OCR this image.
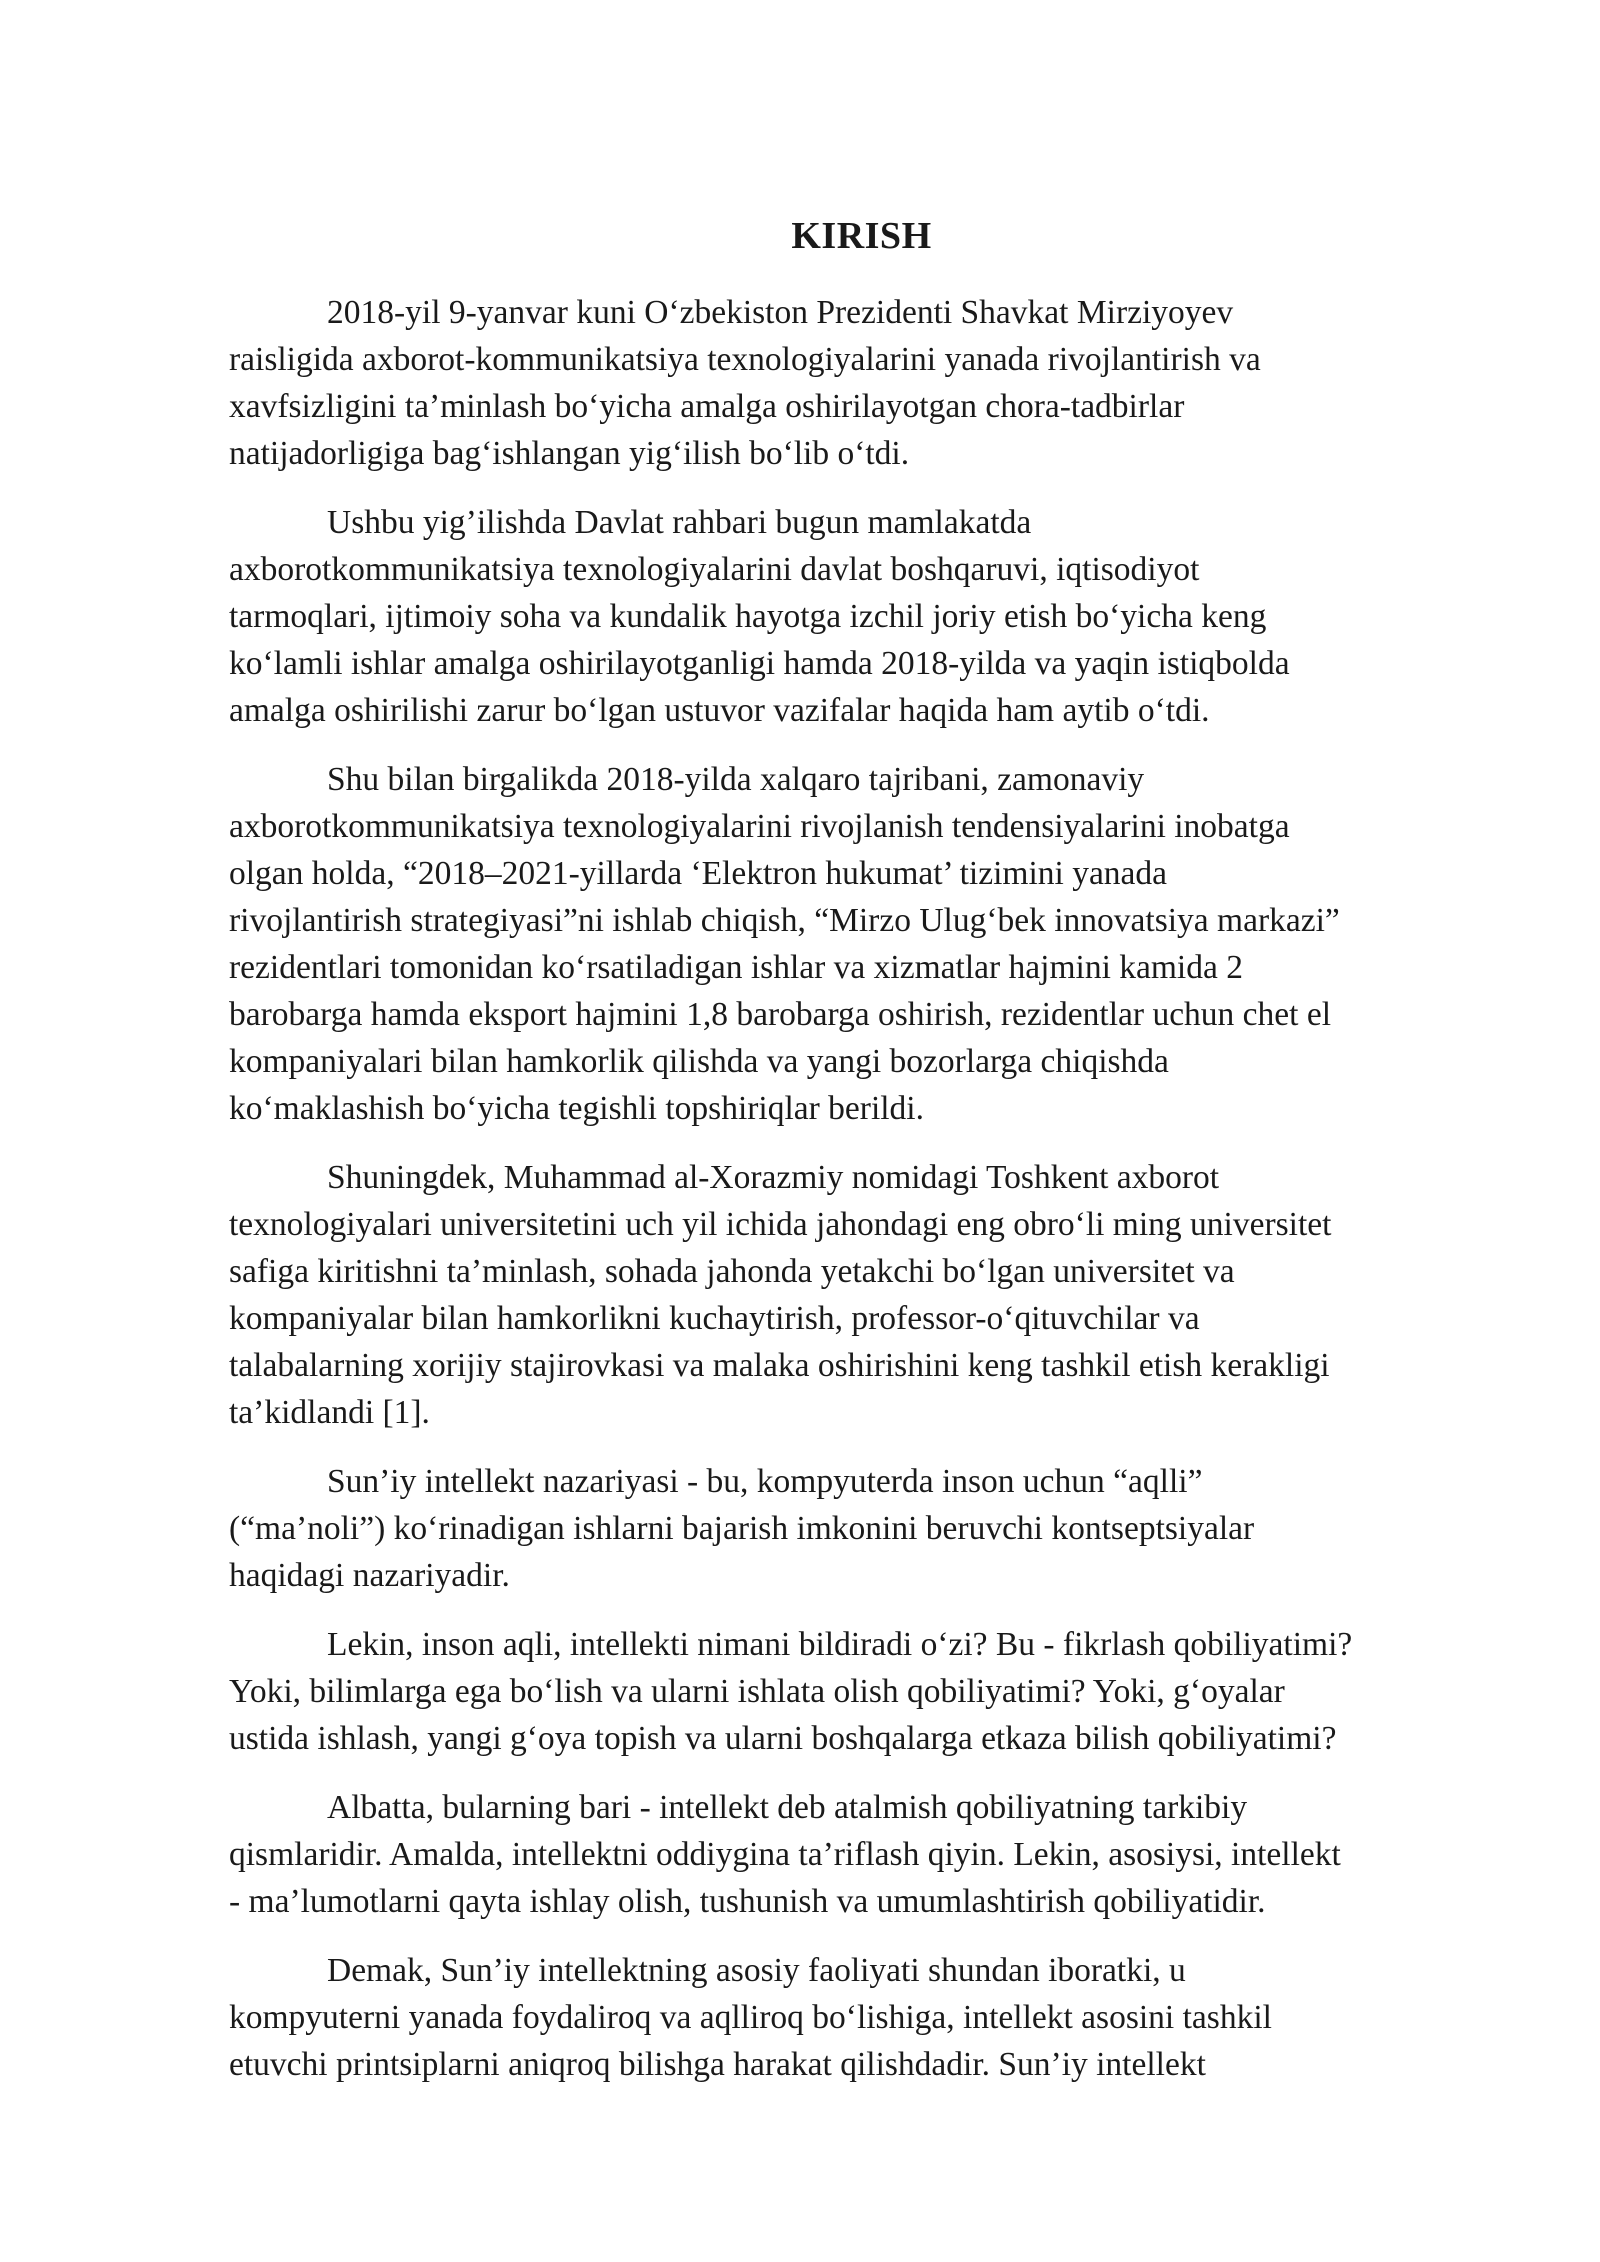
KIRISH

2018-yil 9-yanvar kuni O‘zbekiston Prezidenti Shavkat Mirziyoyev
raisligida axborot-kommunikatsiya texnologiyalarini yanada rivojlantirish va
xavfsizligini ta’minlash bo‘yicha amalga oshirilayotgan chora-tadbirlar
natijadorligiga bag‘ishlangan yig‘ilish bo‘lib o‘tdi.

Ushbu yig’ilishda Davlat rahbari bugun mamlakatda
axborotkommunikatsiya texnologiyalarini davlat boshqaruvi, iqtisodiyot
tarmoqlari, ijtimoiy soha va kundalik hayotga izchil joriy etish bo‘yicha keng
ko‘lamli ishlar amalga oshirilayotganligi hamda 2018-yilda va yaqin istiqbolda
amalga oshirilishi zarur bo‘lgan ustuvor vazifalar haqida ham aytib o‘tdi.

Shu bilan birgalikda 2018-yilda xalqaro tajribani, zamonaviy
axborotkommunikatsiya texnologiyalarini rivojlanish tendensiyalarini inobatga
olgan holda, “2018–2021-yillarda ‘Elektron hukumat’ tizimini yanada
rivojlantirish strategiyasi”ni ishlab chiqish, “Mirzo Ulug‘bek innovatsiya markazi”
rezidentlari tomonidan ko‘rsatiladigan ishlar va xizmatlar hajmini kamida 2
barobarga hamda eksport hajmini 1,8 barobarga oshirish, rezidentlar uchun chet el
kompaniyalari bilan hamkorlik qilishda va yangi bozorlarga chiqishda
ko‘maklashish bo‘yicha tegishli topshiriqlar berildi.

Shuningdek, Muhammad al-Xorazmiy nomidagi Toshkent axborot
texnologiyalari universitetini uch yil ichida jahondagi eng obro‘li ming universitet
safiga kiritishni ta’minlash, sohada jahonda yetakchi bo‘lgan universitet va
kompaniyalar bilan hamkorlikni kuchaytirish, professor-o‘qituvchilar va
talabalarning xorijiy stajirovkasi va malaka oshirishini keng tashkil etish kerakligi
ta’kidlandi [1].

Sun’iy intellekt nazariyasi - bu, kompyuterda inson uchun “aqlli”
(“ma’noli”) ko‘rinadigan ishlarni bajarish imkonini beruvchi kontseptsiyalar
haqidagi nazariyadir.

Lekin, inson aqli, intellekti nimani bildiradi o‘zi? Bu - fikrlash qobiliyatimi?
Yoki, bilimlarga ega bo‘lish va ularni ishlata olish qobiliyatimi? Yoki, g‘oyalar
ustida ishlash, yangi g‘oya topish va ularni boshqalarga etkaza bilish qobiliyatimi?

Albatta, bularning bari - intellekt deb atalmish qobiliyatning tarkibiy
qismlaridir. Amalda, intellektni oddiygina ta’riflash qiyin. Lekin, asosiysi, intellekt
- ma’lumotlarni qayta ishlay olish, tushunish va umumlashtirish qobiliyatidir.

Demak, Sun’iy intellektning asosiy faoliyati shundan iboratki, u
kompyuterni yanada foydaliroq va aqlliroq bo‘lishiga, intellekt asosini tashkil
etuvchi printsiplarni aniqroq bilishga harakat qilishdadir. Sun’iy intellekt
